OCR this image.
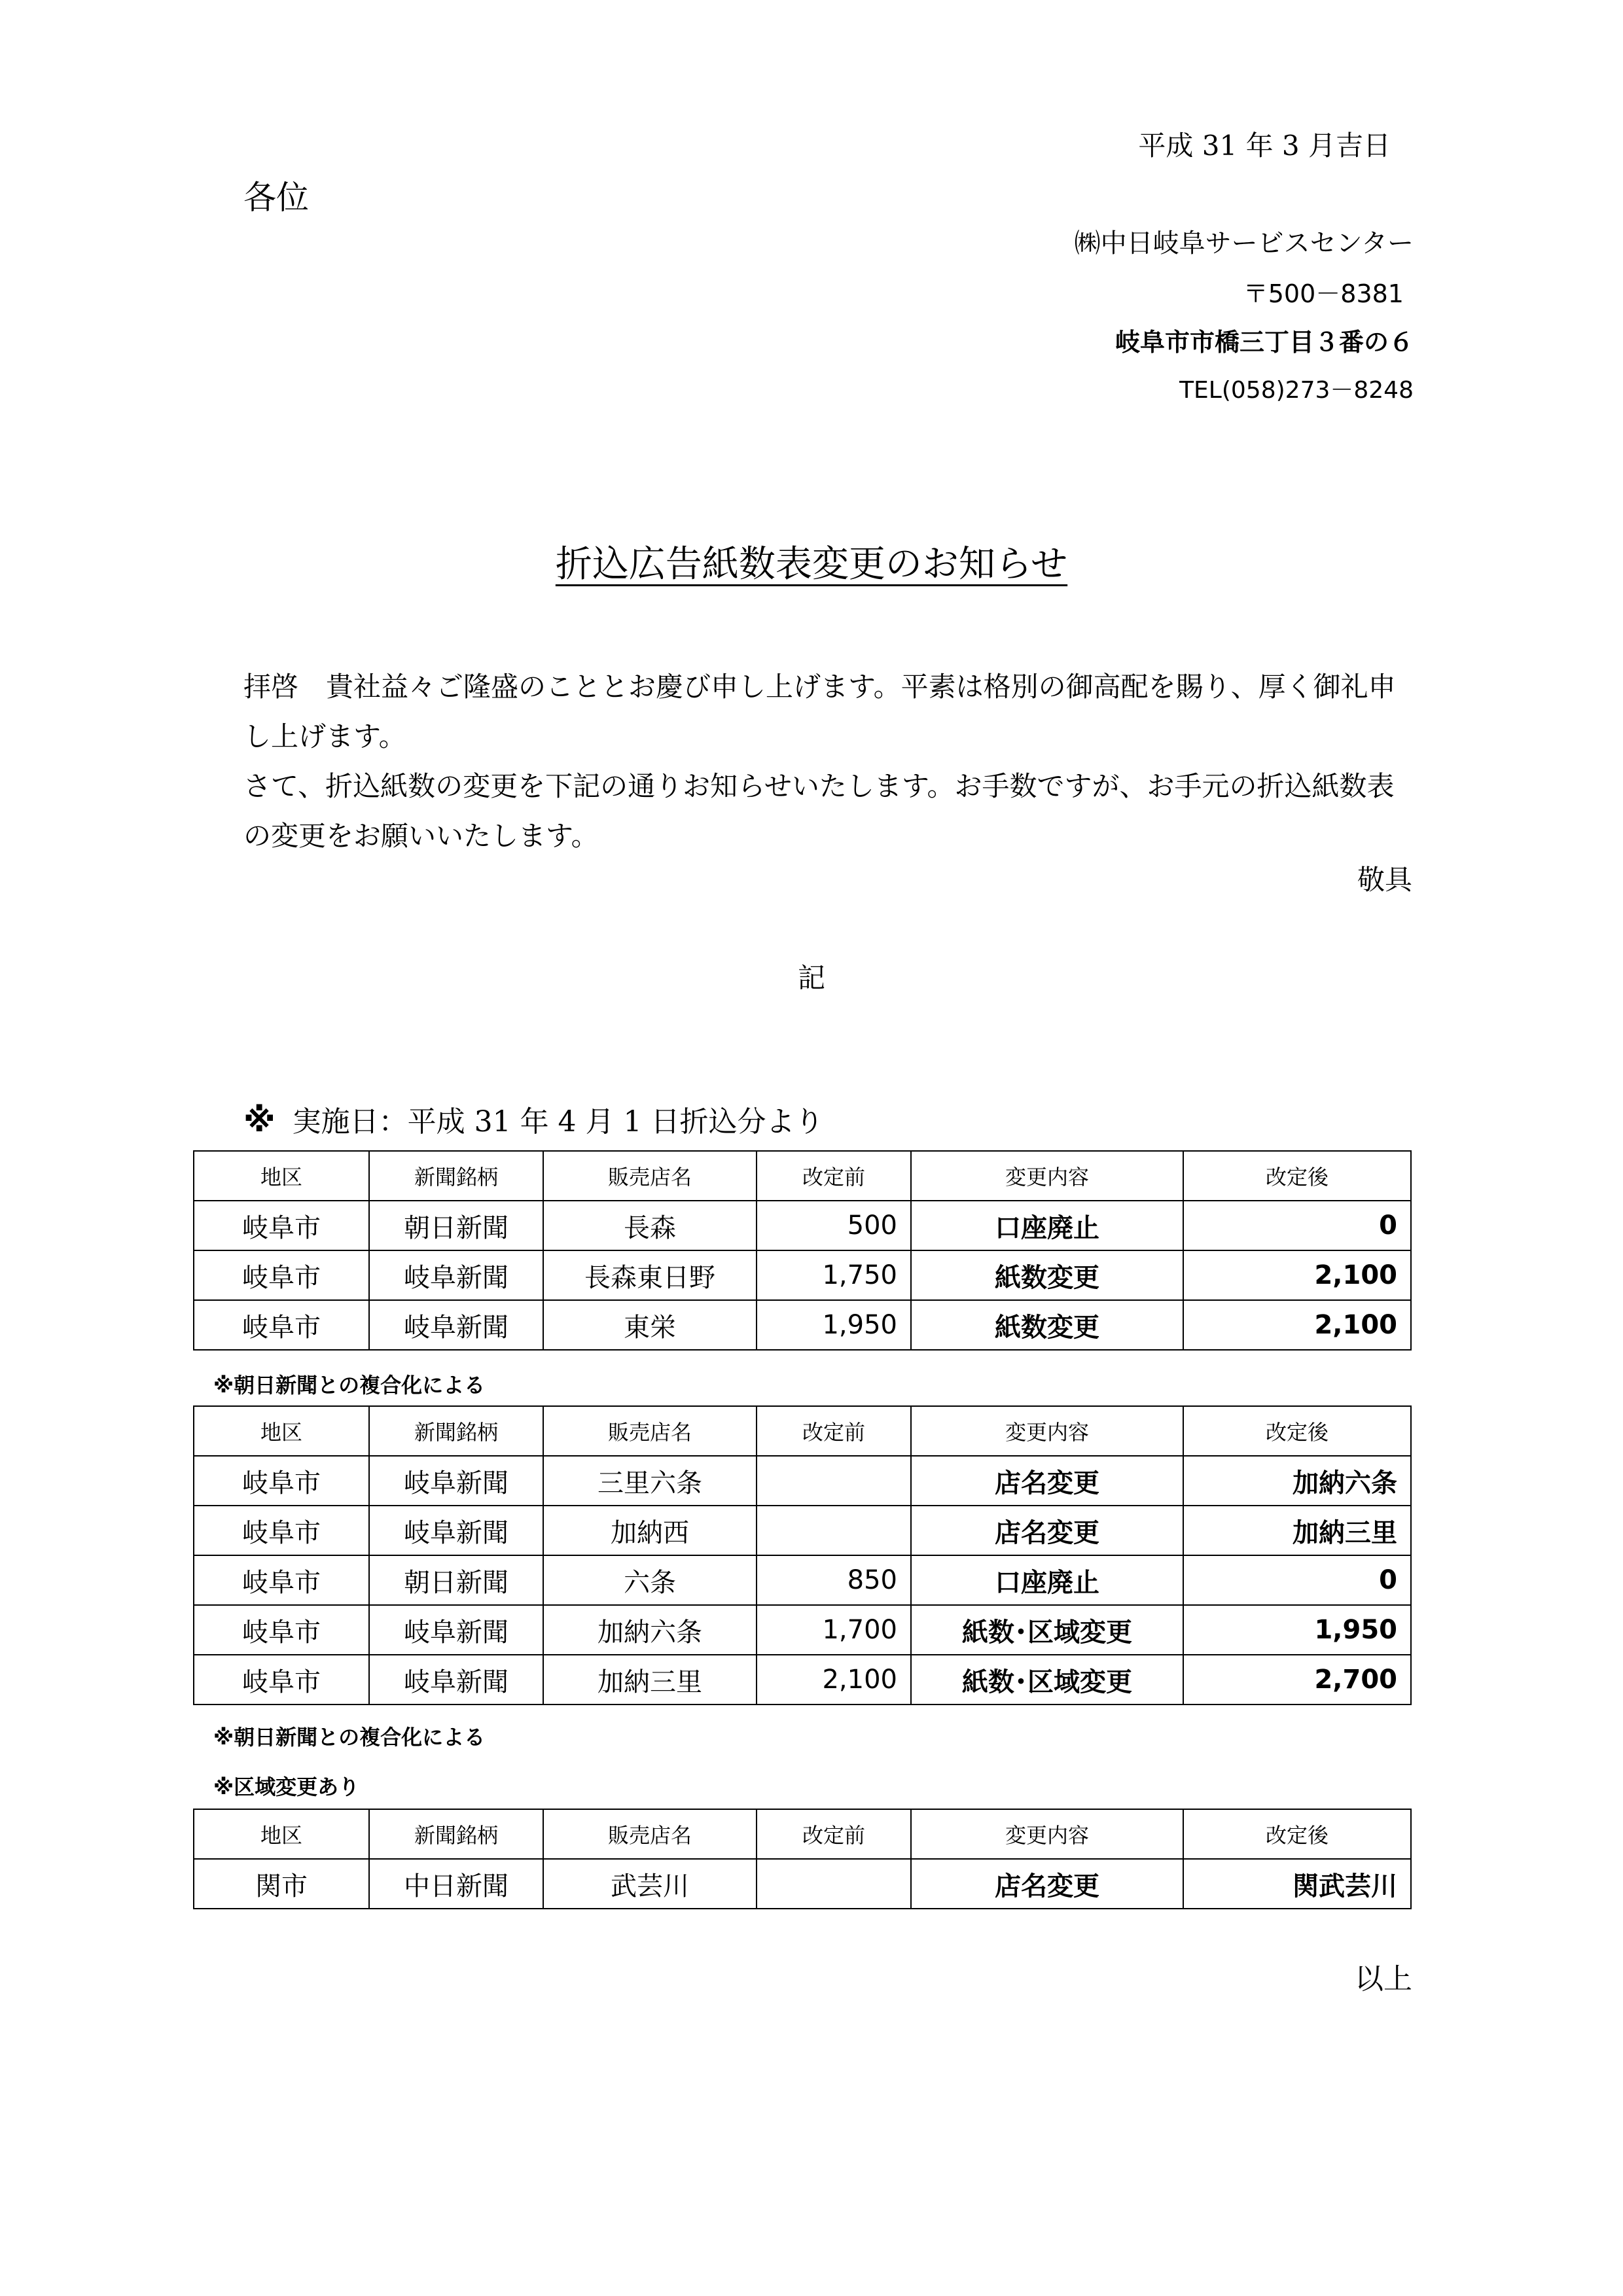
平成 31 年 3 月吉日
各位
㈱中日岐阜サービスセンター
〒500－8381
岐阜市市橋三丁目３番の６
TEL(058)273－8248
折込広告紙数表変更のお知らせ

拝啓　貴社益々ご隆盛のこととお慶び申し上げます。平素は格別の御高配を賜り、厚く御礼申し上げます。

さて、折込紙数の変更を下記の通りお知らせいたします。お手数ですが、お手元の折込紙数表の変更をお願いいたします。

敬具
記
※ 実施日：平成 31 年 4 月 1 日折込分より
地区	新聞銘柄	販売店名	改定前	変更内容	改定後
岐阜市	朝日新聞	長森	500	口座廃止	0
岐阜市	岐阜新聞	長森東日野	1,750	紙数変更	2,100
岐阜市	岐阜新聞	東栄	1,950	紙数変更	2,100
※朝日新聞との複合化による
地区	新聞銘柄	販売店名	改定前	変更内容	改定後
岐阜市	岐阜新聞	三里六条		店名変更	加納六条
岐阜市	岐阜新聞	加納西		店名変更	加納三里
岐阜市	朝日新聞	六条	850	口座廃止	0
岐阜市	岐阜新聞	加納六条	1,700	紙数･区域変更	1,950
岐阜市	岐阜新聞	加納三里	2,100	紙数･区域変更	2,700
※朝日新聞との複合化による
※区域変更あり
地区	新聞銘柄	販売店名	改定前	変更内容	改定後
関市	中日新聞	武芸川		店名変更	関武芸川
以上
